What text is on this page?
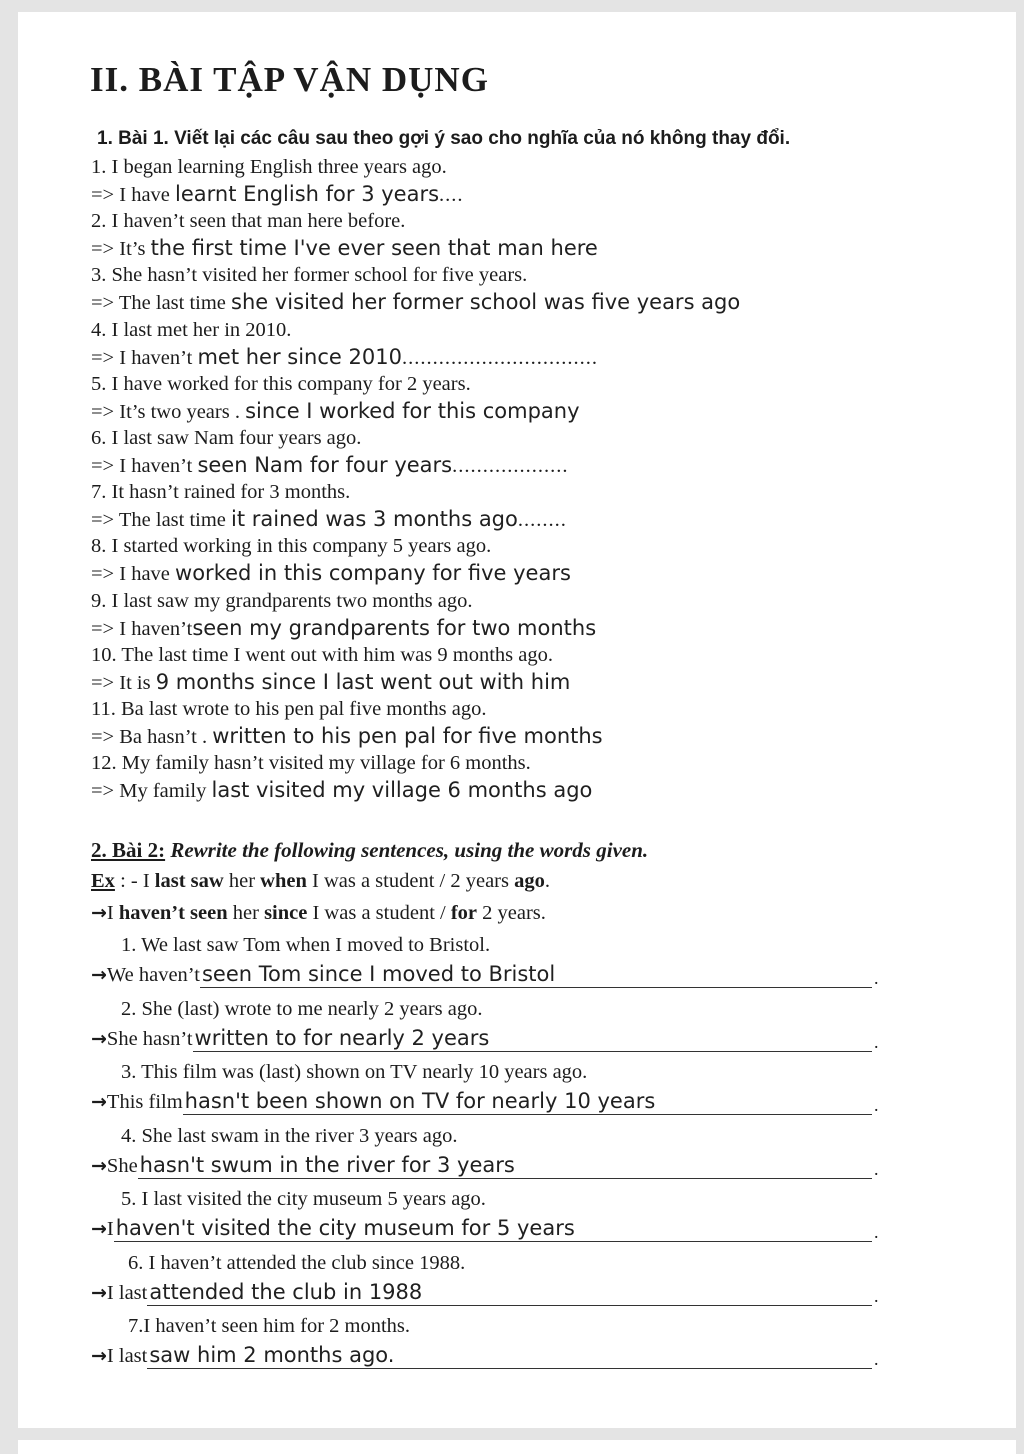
II. BÀI TẬP VẬN DỤNG
1. Bài 1. Viết lại các câu sau theo gợi ý sao cho nghĩa của nó không thay đổi.
1. I began learning English three years ago.
=> I have learnt English for 3 years....
2. I haven’t seen that man here before.
=> It’s the first time I've ever seen that man here
3. She hasn’t visited her former school for five years.
=> The last time she visited her former school was five years ago
4. I last met her in 2010.
=> I haven’t met her since 2010................................
5. I have worked for this company for 2 years.
=> It’s two years . since I worked for this company
6. I last saw Nam four years ago.
=> I haven’t seen Nam for four years...................
7. It hasn’t rained for 3 months.
=> The last time it rained was 3 months ago........
8. I started working in this company 5 years ago.
=> I have worked in this company for five years
9. I last saw my grandparents two months ago.
=> I haven’tseen my grandparents for two months
10. The last time I went out with him was 9 months ago.
=> It is 9 months since I last went out with him
11. Ba last wrote to his pen pal five months ago.
=> Ba hasn’t . written to his pen pal for five months
12. My family hasn’t visited my village for 6 months.
=> My family last visited my village 6 months ago
2. Bài 2: Rewrite the following sentences, using the words given.
Ex : - I last saw her when I was a student / 2 years ago.
→I haven’t seen her since I was a student / for 2 years.
1. We last saw Tom when I moved to Bristol.
→We haven’tseen Tom since I moved to Bristol	.
2. She (last) wrote to me nearly 2 years ago.
→She hasn’twritten to for nearly 2 years	.
3. This film was (last) shown on TV nearly 10 years ago.
→This filmhasn't been shown on TV for nearly 10 years	.
4. She last swam in the river 3 years ago.
→Shehasn't swum in the river for 3 years	.
5. I last visited the city museum 5 years ago.
→Ihaven't visited the city museum for 5 years	.
6. I haven’t attended the club since 1988.
→I lastattended the club in 1988	.
7.I haven’t seen him for 2 months.
→I lastsaw him 2 months ago.	.
